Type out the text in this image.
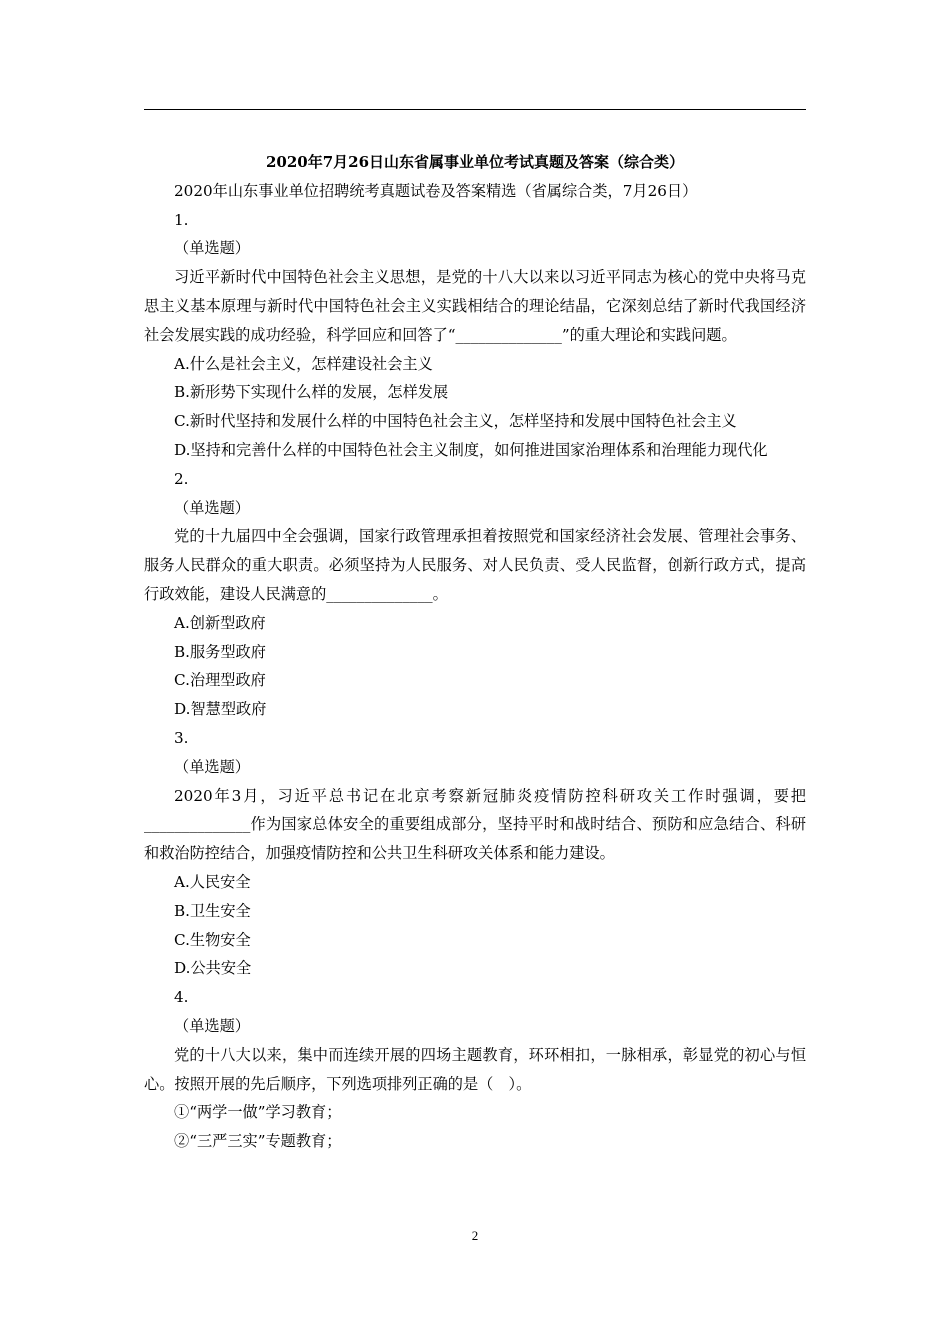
2020年7月26日山东省属事业单位考试真题及答案（综合类）

2020年山东事业单位招聘统考真题试卷及答案精选（省属综合类，7月26日）

1.

（单选题）

习近平新时代中国特色社会主义思想，是党的十八大以来以习近平同志为核心的党中央将马克思主义基本原理与新时代中国特色社会主义实践相结合的理论结晶，它深刻总结了新时代我国经济社会发展实践的成功经验，科学回应和回答了“______________”的重大理论和实践问题。

A.什么是社会主义，怎样建设社会主义

B.新形势下实现什么样的发展，怎样发展

C.新时代坚持和发展什么样的中国特色社会主义，怎样坚持和发展中国特色社会主义

D.坚持和完善什么样的中国特色社会主义制度，如何推进国家治理体系和治理能力现代化

2.

（单选题）

党的十九届四中全会强调，国家行政管理承担着按照党和国家经济社会发展、管理社会事务、服务人民群众的重大职责。必须坚持为人民服务、对人民负责、受人民监督，创新行政方式，提高行政效能，建设人民满意的______________。

A.创新型政府

B.服务型政府

C.治理型政府

D.智慧型政府

3.

（单选题）

2020年3月，习近平总书记在北京考察新冠肺炎疫情防控科研攻关工作时强调，要把______________作为国家总体安全的重要组成部分，坚持平时和战时结合、预防和应急结合、科研和救治防控结合，加强疫情防控和公共卫生科研攻关体系和能力建设。

A.人民安全

B.卫生安全

C.生物安全

D.公共安全

4.

（单选题）

党的十八大以来，集中而连续开展的四场主题教育，环环相扣，一脉相承，彰显党的初心与恒心。按照开展的先后顺序，下列选项排列正确的是（　）。

①“两学一做”学习教育；

②“三严三实”专题教育；

2
